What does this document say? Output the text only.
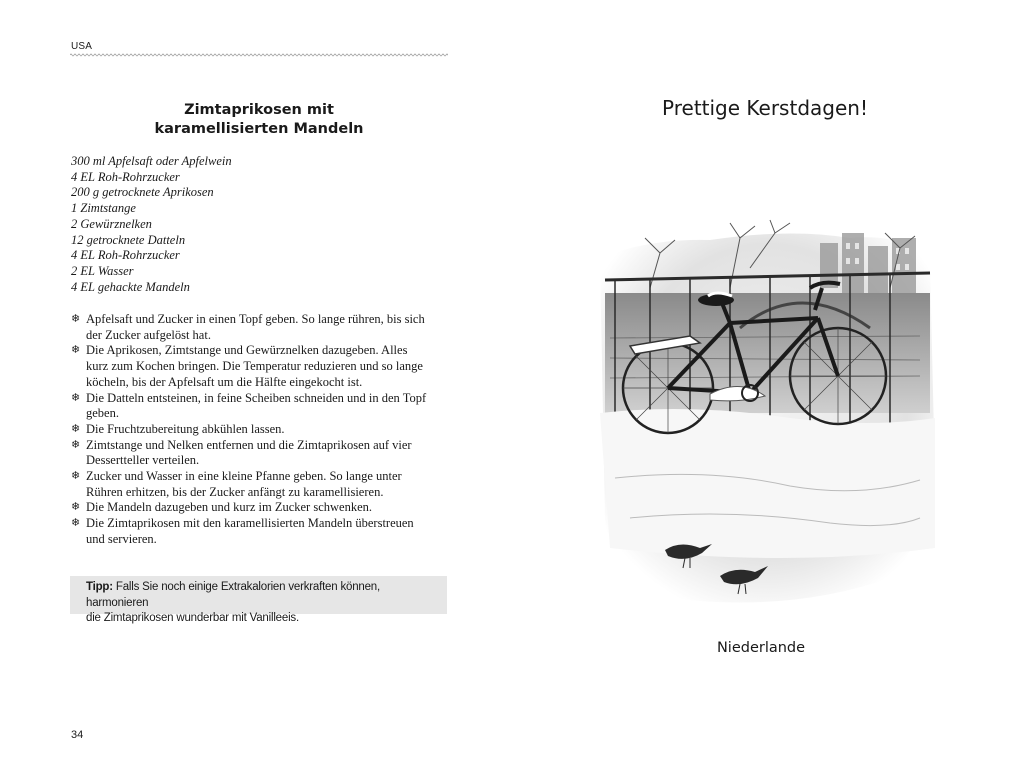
USA
Zimtaprikosen mit
karamellisierten Mandeln
300 ml Apfelsaft oder Apfelwein
4 EL Roh-Rohrzucker
200 g getrocknete Aprikosen
1 Zimtstange
2 Gewürznelken
12 getrocknete Datteln
4 EL Roh-Rohrzucker
2 EL Wasser
4 EL gehackte Mandeln
❄ Apfelsaft und Zucker in einen Topf geben. So lange rühren, bis sich
der Zucker aufgelöst hat.
❄ Die Aprikosen, Zimtstange und Gewürznelken dazugeben. Alles
kurz zum Kochen bringen. Die Temperatur reduzieren und so lange
köcheln, bis der Apfelsaft um die Hälfte eingekocht ist.
❄ Die Datteln entsteinen, in feine Scheiben schneiden und in den Topf
geben.
❄ Die Fruchtzubereitung abkühlen lassen.
❄ Zimtstange und Nelken entfernen und die Zimtaprikosen auf vier
Dessertteller verteilen.
❄ Zucker und Wasser in eine kleine Pfanne geben. So lange unter
Rühren erhitzen, bis der Zucker anfängt zu karamellisieren.
❄ Die Mandeln dazugeben und kurz im Zucker schwenken.
❄ Die Zimtaprikosen mit den karamellisierten Mandeln überstreuen
und servieren.
Tipp: Falls Sie noch einige Extrakalorien verkraften können, harmonieren
die Zimtaprikosen wunderbar mit Vanilleeis.
34
Prettige Kerstdagen!
Niederlande
